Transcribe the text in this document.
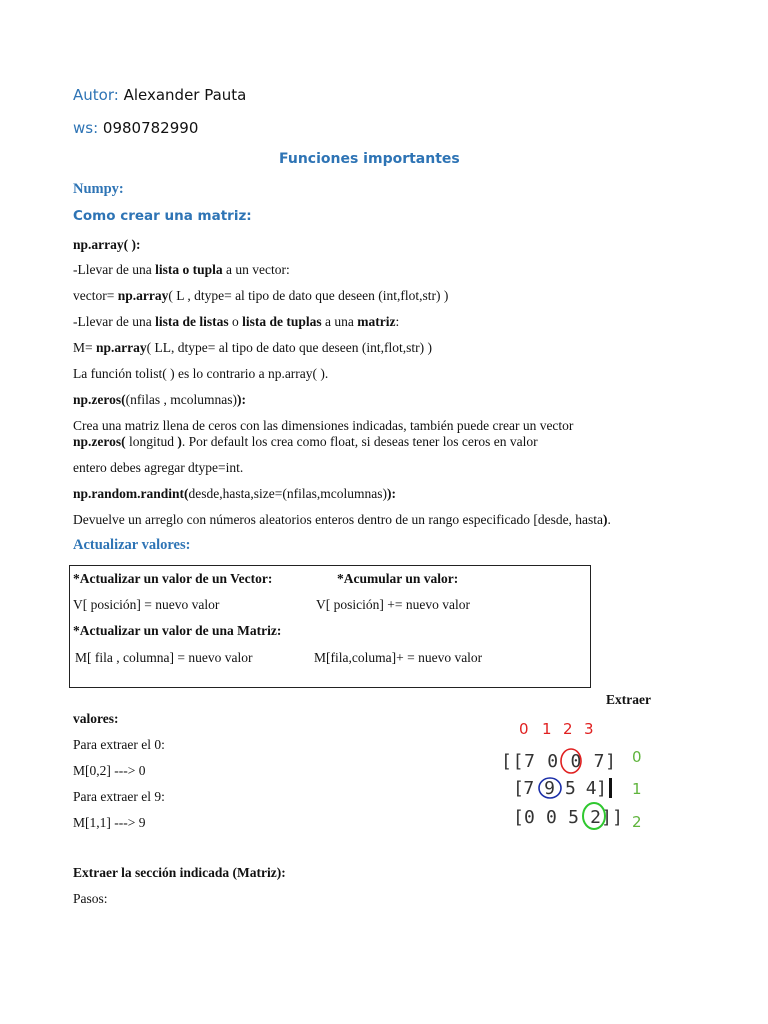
Autor: Alexander Pauta
ws: 0980782990
Funciones importantes
Numpy:
Como crear una matriz:
np.array( ):
-Llevar de una lista o tupla a un vector:
vector= np.array( L , dtype= al tipo de dato que deseen (int,flot,str) )
-Llevar de una lista de listas o lista de tuplas a una matriz:
M= np.array( LL, dtype= al tipo de dato que deseen (int,flot,str) )
La función tolist( ) es lo contrario a np.array( ).
np.zeros((nfilas , mcolumnas)):
Crea una matriz llena de ceros con las dimensiones indicadas, también puede crear un vector
np.zeros( longitud ). Por default los crea como float, si deseas tener los ceros en valor
entero debes agregar dtype=int.
np.random.randint(desde,hasta,size=(nfilas,mcolumnas)):
Devuelve un arreglo con números aleatorios enteros dentro de un rango especificado [desde, hasta).
Actualizar valores:
*Actualizar un valor de un Vector:	*Acumular un valor:
V[ posición] = nuevo valor	V[ posición] += nuevo valor
*Actualizar un valor de una Matriz:
M[ fila , columna] = nuevo valor	M[fila,columa]+ = nuevo valor
Extraer
valores:
Para extraer el 0:
M[0,2] ---> 0
Para extraer el 9:
M[1,1] ---> 9
0 1 2 3
[[7 0 0 7]
[7 9 5 4]
[0 0 5 2]]
0
1
2
Extraer la sección indicada (Matriz):
Pasos:
